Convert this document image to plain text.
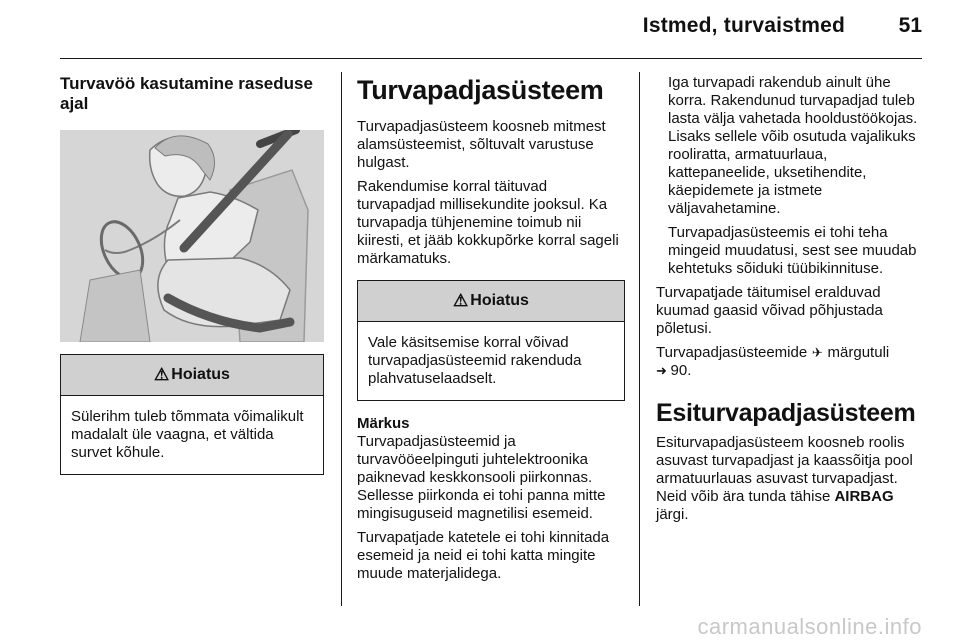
Istmed, turvaistmed	51
Turvavöö kasutamine raseduse ajal
⚠ Hoiatus
Sülerihm tuleb tõmmata võimalikult madalalt üle vaagna, et vältida survet kõhule.
Turvapadjasüsteem

Turvapadjasüsteem koosneb mitmest alamsüsteemist, sõltuvalt varustuse hulgast.

Rakendumise korral täituvad turvapadjad millisekundite jooksul. Ka turvapadja tühjenemine toimub nii kiiresti, et jääb kokkupõrke korral sageli märkamatuks.

⚠ Hoiatus
Vale käsitsemise korral võivad turvapadjasüsteemid rakenduda plahvatuselaadselt.
Märkus

Turvapadjasüsteemid ja turvavööeelpinguti juhtelektroonika paiknevad keskkonsooli piirkonnas. Sellesse piirkonda ei tohi panna mitte mingisuguseid magnetilisi esemeid.

Turvapatjade katetele ei tohi kinnitada esemeid ja neid ei tohi katta mingite muude materjalidega.

Iga turvapadi rakendub ainult ühe korra. Rakendunud turvapadjad tuleb lasta välja vahetada hooldustöökojas. Lisaks sellele võib osutuda vajalikuks rooliratta, armatuurlaua, kattepaneelide, uksetihendite, käepidemete ja istmete väljavahetamine.

Turvapadjasüsteemis ei tohi teha mingeid muudatusi, sest see muudab kehtetuks sõiduki tüübikinnituse.

Turvapatjade täitumisel eralduvad kuumad gaasid võivad põhjustada põletusi.

Turvapadjasüsteemide ✈ märgutuli
➜ 90.

Esiturvapadjasüsteem

Esiturvapadjasüsteem koosneb roolis asuvast turvapadjast ja kaassõitja pool armatuurlauas asuvast turvapadjast. Neid võib ära tunda tähise AIRBAG järgi.

carmanualsonline.info
